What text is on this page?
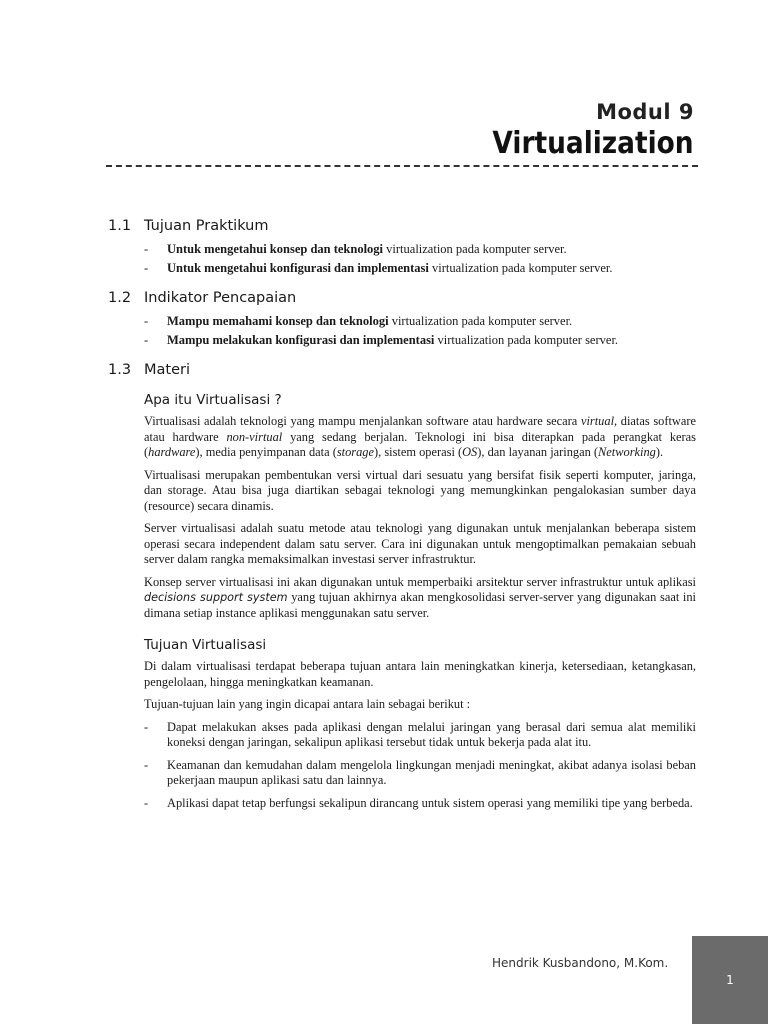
Modul 9
Virtualization
1.1 Tujuan Praktikum
- Untuk mengetahui konsep dan teknologi virtualization pada komputer server.
- Untuk mengetahui konfigurasi dan implementasi virtualization pada komputer server.
1.2 Indikator Pencapaian
- Mampu memahami konsep dan teknologi virtualization pada komputer server.
- Mampu melakukan konfigurasi dan implementasi virtualization pada komputer server.
1.3 Materi
Apa itu Virtualisasi ?

Virtualisasi adalah teknologi yang mampu menjalankan software atau hardware secara virtual, diatas software atau hardware non-virtual yang sedang berjalan. Teknologi ini bisa diterapkan pada perangkat keras (hardware), media penyimpanan data (storage), sistem operasi (OS), dan layanan jaringan (Networking).

Virtualisasi merupakan pembentukan versi virtual dari sesuatu yang bersifat fisik seperti komputer, jaringa, dan storage. Atau bisa juga diartikan sebagai teknologi yang memungkinkan pengalokasian sumber daya (resource) secara dinamis.

Server virtualisasi adalah suatu metode atau teknologi yang digunakan untuk menjalankan beberapa sistem operasi secara independent dalam satu server. Cara ini digunakan untuk mengoptimalkan pemakaian sebuah server dalam rangka memaksimalkan investasi server infrastruktur.

Konsep server virtualisasi ini akan digunakan untuk memperbaiki arsitektur server infrastruktur untuk aplikasi decisions support system yang tujuan akhirnya akan mengkosolidasi server-server yang digunakan saat ini dimana setiap instance aplikasi menggunakan satu server.

Tujuan Virtualisasi

Di dalam virtualisasi terdapat beberapa tujuan antara lain meningkatkan kinerja, ketersediaan, ketangkasan, pengelolaan, hingga meningkatkan keamanan.

Tujuan-tujuan lain yang ingin dicapai antara lain sebagai berikut :

- Dapat melakukan akses pada aplikasi dengan melalui jaringan yang berasal dari semua alat memiliki koneksi dengan jaringan, sekalipun aplikasi tersebut tidak untuk bekerja pada alat itu.
- Keamanan dan kemudahan dalam mengelola lingkungan menjadi meningkat, akibat adanya isolasi beban pekerjaan maupun aplikasi satu dan lainnya.
- Aplikasi dapat tetap berfungsi sekalipun dirancang untuk sistem operasi yang memiliki tipe yang berbeda.
Hendrik Kusbandono, M.Kom.
1
